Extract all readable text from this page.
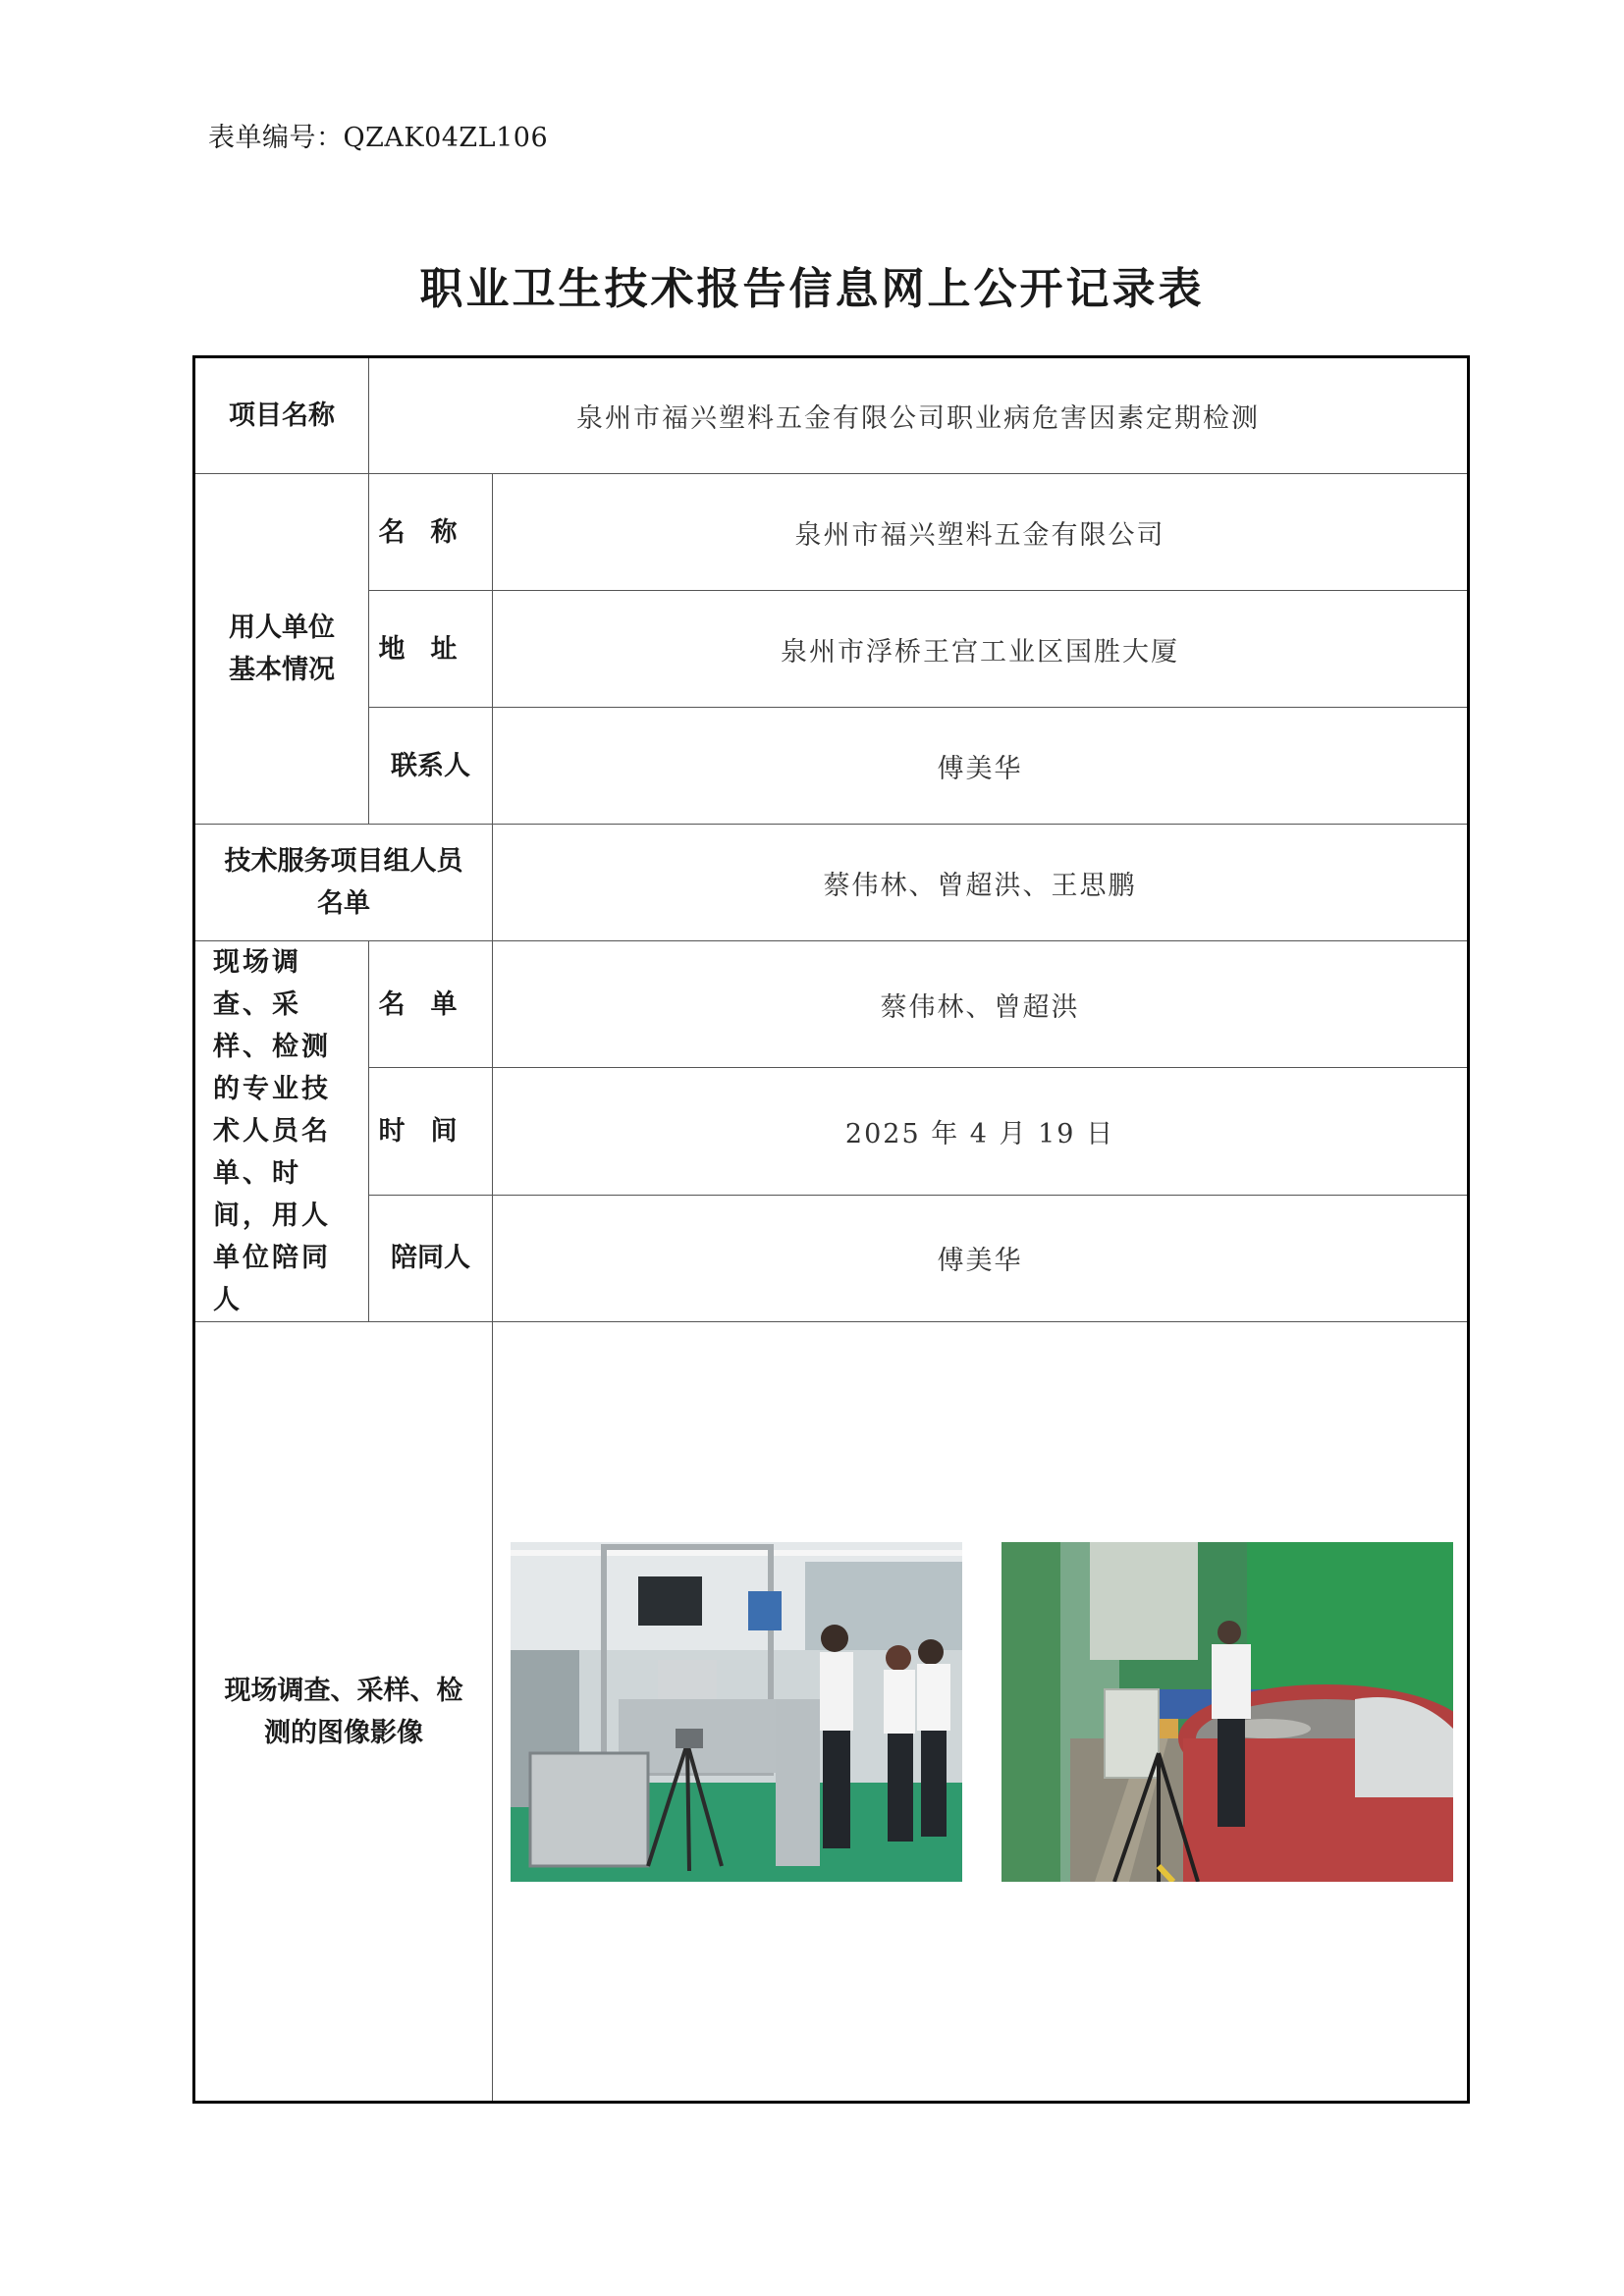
表单编号：QZAK04ZL106
职业卫生技术报告信息网上公开记录表
项目名称	泉州市福兴塑料五金有限公司职业病危害因素定期检测	
用人单位基本情况	名称	泉州市福兴塑料五金有限公司
	地址	泉州市浮桥王宫工业区国胜大厦
	联系人	傅美华
技术服务项目组人员名单		蔡伟林、曾超洪、王思鹏
现场调查、采样、检测的专业技术人员名单、时间，用人单位陪同人	名单	蔡伟林、曾超洪
	时间	2025 年 4 月 19 日
	陪同人	傅美华
现场调查、采样、检测的图像影像	
